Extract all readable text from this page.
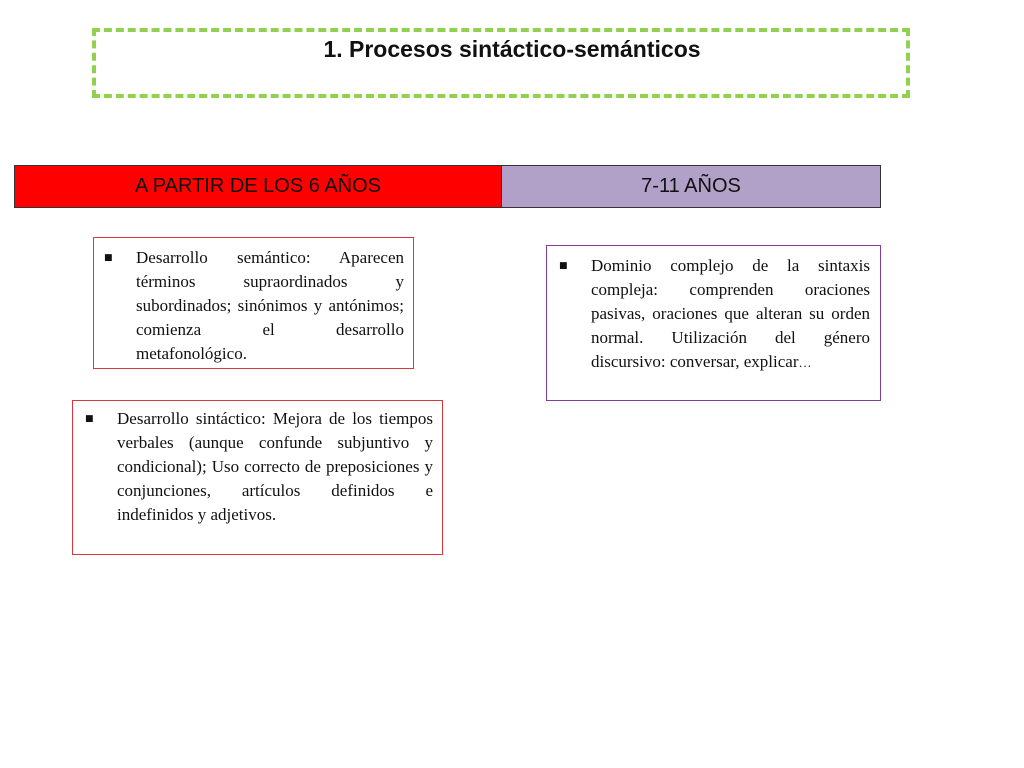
1. Procesos sintáctico-semánticos
A PARTIR DE LOS 6 AÑOS	7-11 AÑOS
■ Desarrollo semántico: Aparecen términos supraordinados y subordinados; sinónimos y antónimos; comienza el desarrollo metafonológico.
■ Desarrollo sintáctico: Mejora de los tiempos verbales (aunque confunde subjuntivo y condicional); Uso correcto de preposiciones y conjunciones, artículos definidos e indefinidos y adjetivos.
■ Dominio complejo de la sintaxis compleja: comprenden oraciones pasivas, oraciones que alteran su orden normal. Utilización del género discursivo: conversar, explicar…
